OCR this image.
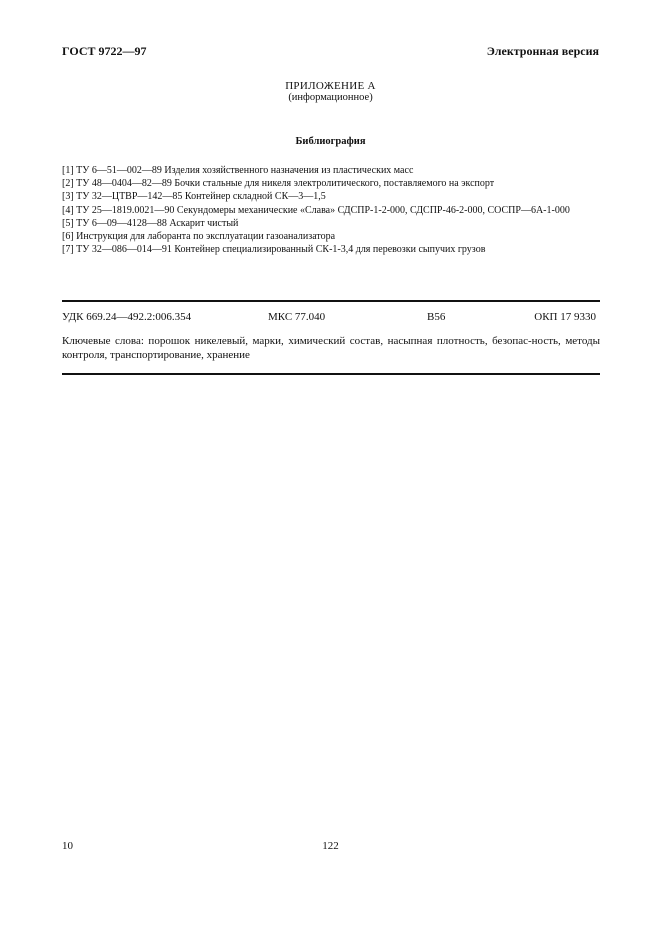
ГОСТ 9722—97	Электронная версия
ПРИЛОЖЕНИЕ А
(информационное)
Библиография
[1] ТУ 6—51—002—89 Изделия хозяйственного назначения из пластических масс
[2] ТУ 48—0404—82—89 Бочки стальные для никеля электролитического, поставляемого на экспорт
[3] ТУ 32—ЦТВР—142—85 Контейнер складной СК—3—1,5
[4] ТУ 25—1819.0021—90 Секундомеры механические «Слава» СДСПР-1-2-000, СДСПР-46-2-000, СОСПР—6А-1-000
[5] ТУ 6—09—4128—88 Аскарит чистый
[6] Инструкция для лаборанта по эксплуатации газоанализатора
[7] ТУ 32—086—014—91 Контейнер специализированный СК-1-3,4 для перевозки сыпучих грузов
УДК 669.24—492.2:006.354	МКС 77.040	В56	ОКП 17 9330
Ключевые слова: порошок никелевый, марки, химический состав, насыпная плотность, безопас-ность, методы контроля, транспортирование, хранение
10	122
